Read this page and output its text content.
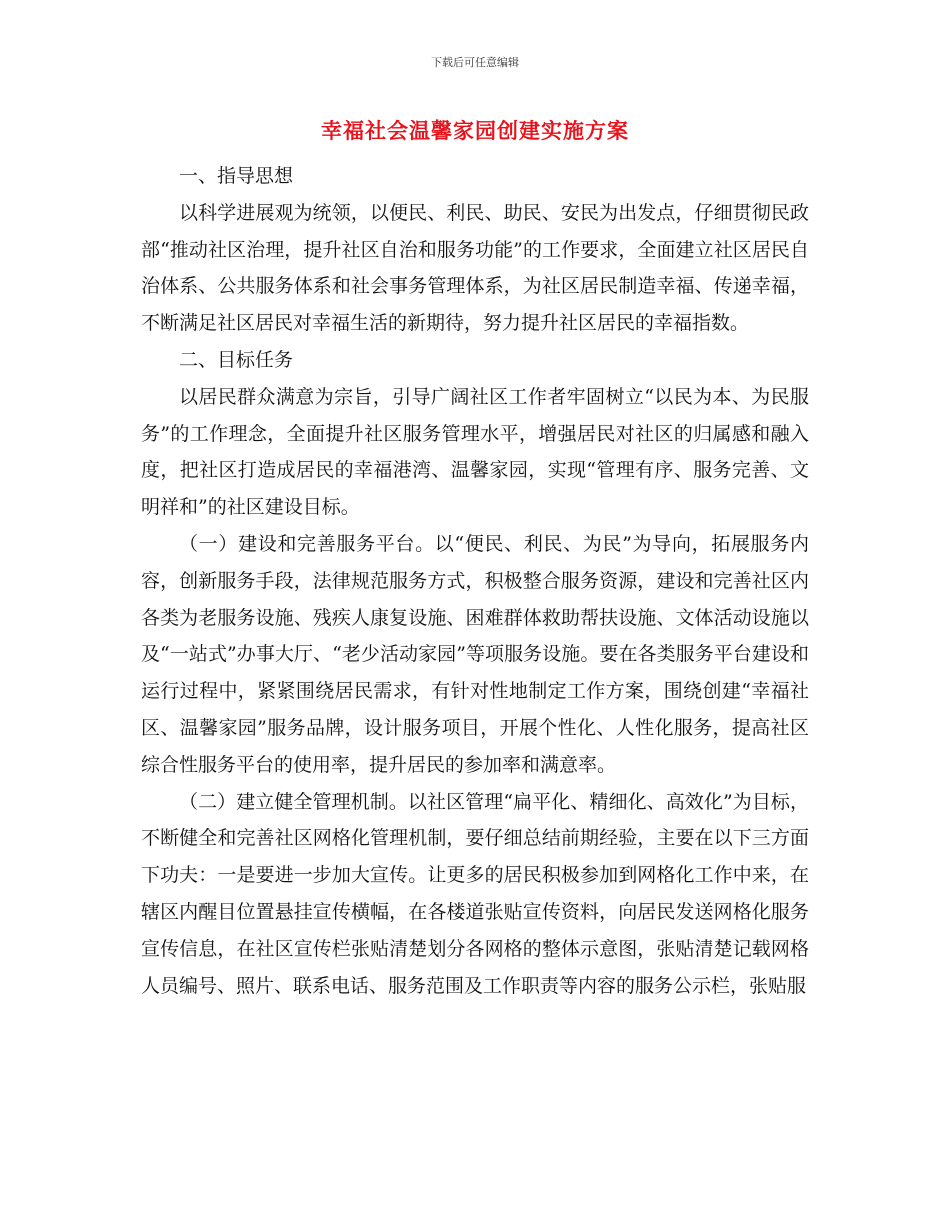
下载后可任意编辑
幸福社会温馨家园创建实施方案

一、指导思想

以科学进展观为统领，以便民、利民、助民、安民为出发点，仔细贯彻民政部“推动社区治理，提升社区自治和服务功能”的工作要求，全面建立社区居民自治体系、公共服务体系和社会事务管理体系，为社区居民制造幸福、传递幸福，不断满足社区居民对幸福生活的新期待，努力提升社区居民的幸福指数。

二、目标任务

以居民群众满意为宗旨，引导广阔社区工作者牢固树立“以民为本、为民服务”的工作理念，全面提升社区服务管理水平，增强居民对社区的归属感和融入度，把社区打造成居民的幸福港湾、温馨家园，实现“管理有序、服务完善、文明祥和”的社区建设目标。

（一）建设和完善服务平台。以“便民、利民、为民”为导向，拓展服务内容，创新服务手段，法律规范服务方式，积极整合服务资源，建设和完善社区内各类为老服务设施、残疾人康复设施、困难群体救助帮扶设施、文体活动设施以及“一站式”办事大厅、“老少活动家园”等项服务设施。要在各类服务平台建设和运行过程中，紧紧围绕居民需求，有针对性地制定工作方案，围绕创建“幸福社区、温馨家园”服务品牌，设计服务项目，开展个性化、人性化服务，提高社区综合性服务平台的使用率，提升居民的参加率和满意率。

（二）建立健全管理机制。以社区管理“扁平化、精细化、高效化”为目标，不断健全和完善社区网格化管理机制，要仔细总结前期经验，主要在以下三方面下功夫：一是要进一步加大宣传。让更多的居民积极参加到网格化工作中来，在辖区内醒目位置悬挂宣传横幅，在各楼道张贴宣传资料，向居民发送网格化服务宣传信息，在社区宣传栏张贴清楚划分各网格的整体示意图，张贴清楚记载网格人员编号、照片、联系电话、服务范围及工作职责等内容的服务公示栏，张贴服
